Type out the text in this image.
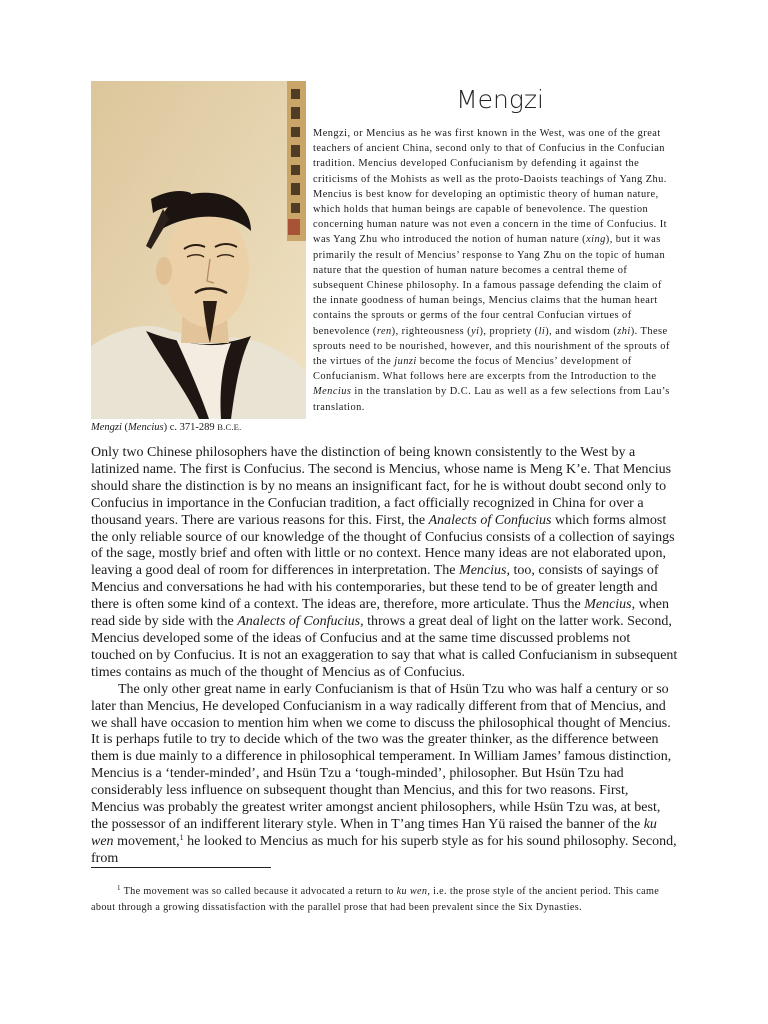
Mengzi (Mencius) c. 371-289 B.C.E.
Mengzi

Mengzi, or Mencius as he was first known in the West, was one of the great teachers of ancient China, second only to that of Confucius in the Confucian tradition. Mencius developed Confucianism by defending it against the criticisms of the Mohists as well as the proto-Daoists teachings of Yang Zhu. Mencius is best know for developing an optimistic theory of human nature, which holds that human beings are capable of benevolence. The question concerning human nature was not even a concern in the time of Confucius. It was Yang Zhu who introduced the notion of human nature (xing), but it was primarily the result of Mencius’ response to Yang Zhu on the topic of human nature that the question of human nature becomes a central theme of subsequent Chinese philosophy. In a famous passage defending the claim of the innate goodness of human beings, Mencius claims that the human heart contains the sprouts or germs of the four central Confucian virtues of benevolence (ren), righteousness (yi), propriety (li), and wisdom (zhi). These sprouts need to be nourished, however, and this nourishment of the sprouts of the virtues of the junzi become the focus of Mencius’ development of Confucianism. What follows here are excerpts from the Introduction to the Mencius in the translation by D.C. Lau as well as a few selections from Lau’s translation.

Only two Chinese philosophers have the distinction of being known consistently to the West by a latinized name. The first is Confucius. The second is Mencius, whose name is Meng K’e. That Mencius should share the distinction is by no means an insignificant fact, for he is without doubt second only to Confucius in importance in the Confucian tradition, a fact officially recognized in China for over a thousand years. There are various reasons for this. First, the Analects of Confucius which forms almost the only reliable source of our knowledge of the thought of Confucius consists of a collection of sayings of the sage, mostly brief and often with little or no context. Hence many ideas are not elaborated upon, leaving a good deal of room for differences in interpretation. The Mencius, too, consists of sayings of Mencius and conversations he had with his contemporaries, but these tend to be of greater length and there is often some kind of a context. The ideas are, therefore, more articulate. Thus the Mencius, when read side by side with the Analects of Confucius, throws a great deal of light on the latter work. Second, Mencius developed some of the ideas of Confucius and at the same time discussed problems not touched on by Confucius. It is not an exaggeration to say that what is called Confucianism in subsequent times contains as much of the thought of Mencius as of Confucius.

The only other great name in early Confucianism is that of Hsün Tzu who was half a century or so later than Mencius, He developed Confucianism in a way radically different from that of Mencius, and we shall have occasion to mention him when we come to discuss the philosophical thought of Mencius. It is perhaps futile to try to decide which of the two was the greater thinker, as the difference between them is due mainly to a difference in philosophical temperament. In William James’ famous distinction, Mencius is a ‘tender-minded’, and Hsün Tzu a ‘tough-minded’, philosopher. But Hsün Tzu had considerably less influence on subsequent thought than Mencius, and this for two reasons. First, Mencius was probably the greatest writer amongst ancient philosophers, while Hsün Tzu was, at best, the possessor of an indifferent literary style. When in T’ang times Han Yü raised the banner of the ku wen movement,$^1$ he looked to Mencius as much for his superb style as for his sound philosophy. Second, from

$^1$ The movement was so called because it advocated a return to ku wen, i.e. the prose style of the ancient period. This came about through a growing dissatisfaction with the parallel prose that had been prevalent since the Six Dynasties.
